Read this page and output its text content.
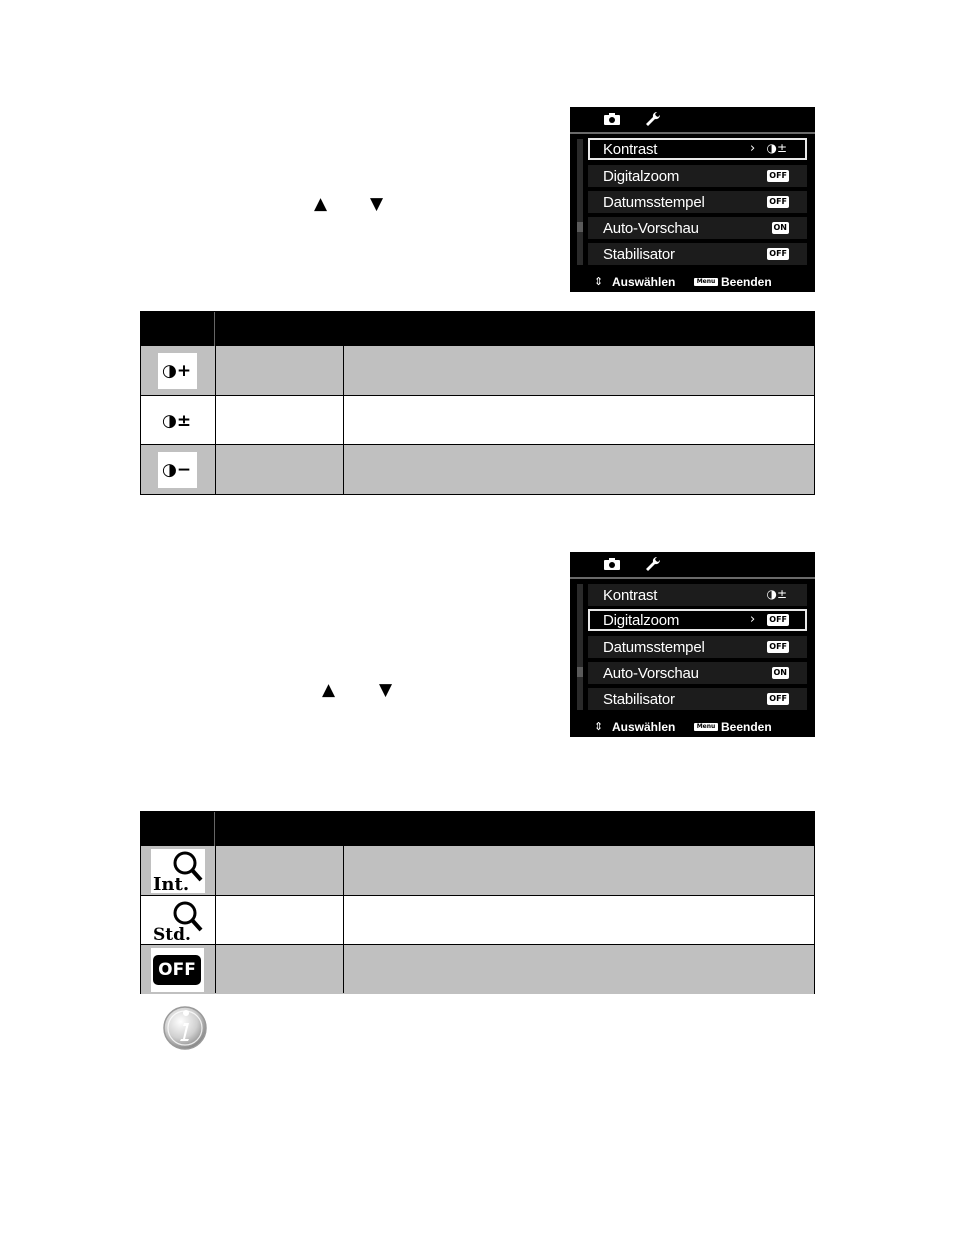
▲	▼
Kontrast	› ◑±
Digitalzoom	OFF
Datumsstempel	OFF
Auto-Vorschau	ON
Stabilisator	OFF
⇕ Auswählen	Menu Beenden
◑+
◑±
◑−
Kontrast	◑±
Digitalzoom	› OFF
Datumsstempel	OFF
Auto-Vorschau	ON
Stabilisator	OFF
⇕ Auswählen	Menu Beenden
▲	▼
Int.
Std.
OFF
